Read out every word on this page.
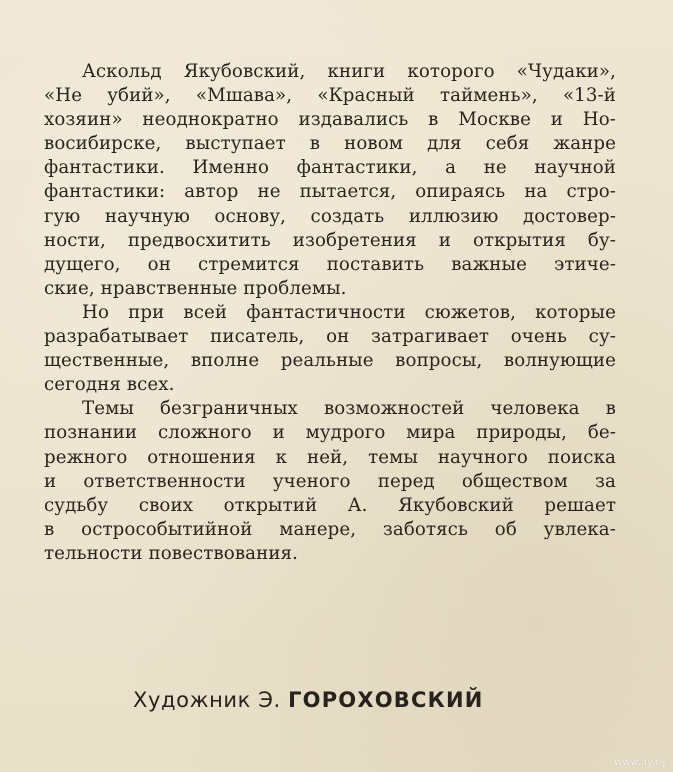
Аскольд Якубовский, книги которого «Чудаки»,
«Не убий», «Мшава», «Красный таймень», «13-й
хозяин» неоднократно издавались в Москве и Но-
восибирске, выступает в новом для себя жанре
фантастики. Именно фантастики, а не научной
фантастики: автор не пытается, опираясь на стро-
гую научную основу, создать иллюзию достовер-
ности, предвосхитить изобретения и открытия бу-
дущего, он стремится поставить важные этиче-
ские, нравственные проблемы.

Но при всей фантастичности сюжетов, которые
разрабатывает писатель, он затрагивает очень су-
щественные, вполне реальные вопросы, волнующие
сегодня всех.

Темы безграничных возможностей человека в
познании сложного и мудрого мира природы, бе-
режного отношения к ней, темы научного поиска
и ответственности ученого перед обществом за
судьбу своих открытий А. Якубовский решает
в острособытийной манере, заботясь об увлека-
тельности повествования.

Художник Э. ГОРОХОВСКИЙ
www.ay.by
